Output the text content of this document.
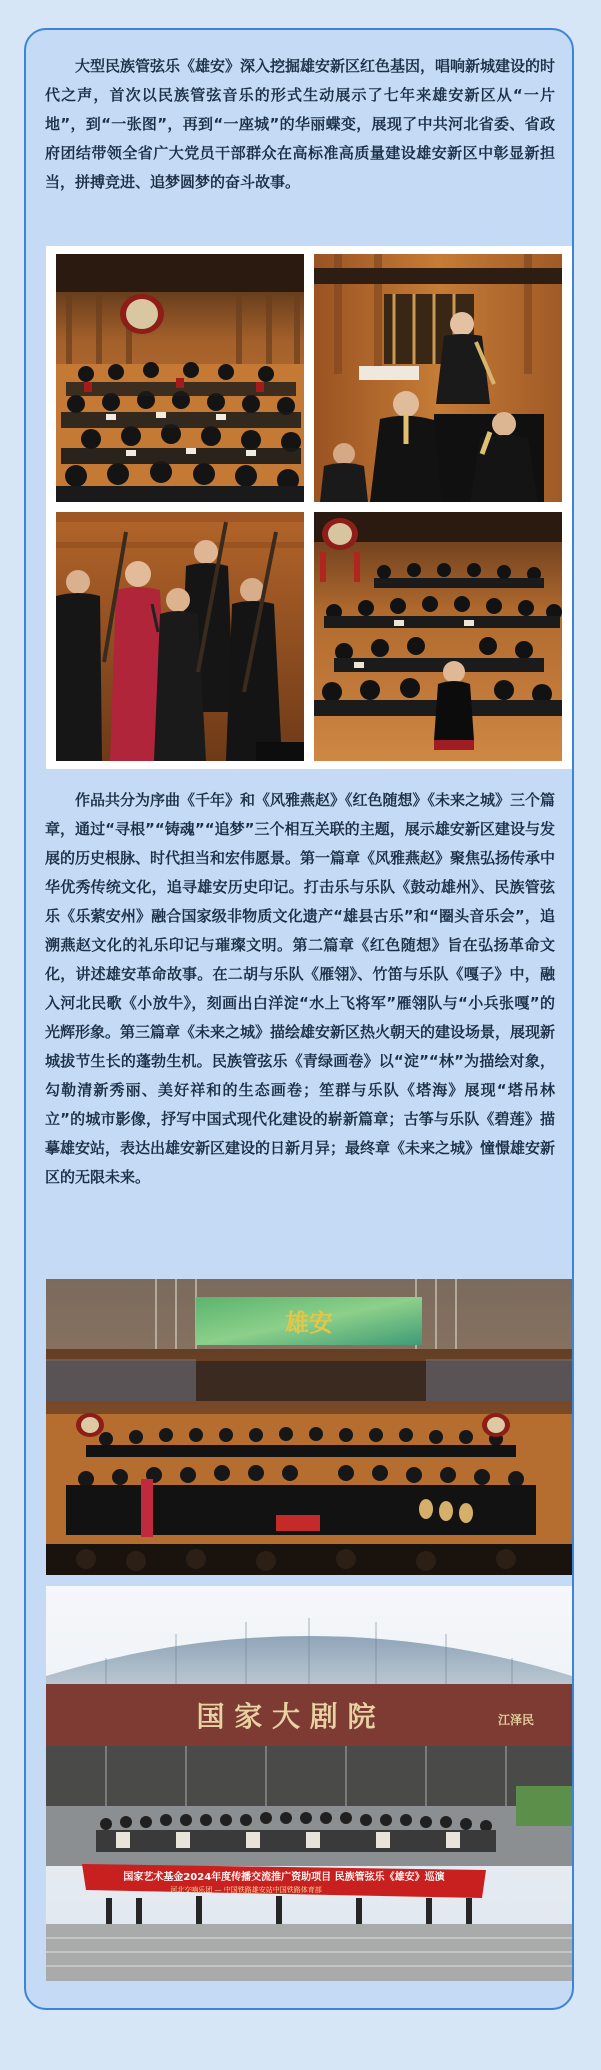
大型民族管弦乐《雄安》深入挖掘雄安新区红色基因，唱响新城建设的时代之声，首次以民族管弦音乐的形式生动展示了七年来雄安新区从“一片地”，到“一张图”，再到“一座城”的华丽蝶变，展现了中共河北省委、省政府团结带领全省广大党员干部群众在高标准高质量建设雄安新区中彰显新担当，拼搏竞进、追梦圆梦的奋斗故事。

作品共分为序曲《千年》和《风雅燕赵》《红色随想》《未来之城》三个篇章，通过“寻根”“铸魂”“追梦”三个相互关联的主题，展示雄安新区建设与发展的历史根脉、时代担当和宏伟愿景。第一篇章《风雅燕赵》聚焦弘扬传承中华优秀传统文化，追寻雄安历史印记。打击乐与乐队《鼓动雄州》、民族管弦乐《乐萦安州》融合国家级非物质文化遗产“雄县古乐”和“圈头音乐会”，追溯燕赵文化的礼乐印记与璀璨文明。第二篇章《红色随想》旨在弘扬革命文化，讲述雄安革命故事。在二胡与乐队《雁翎》、竹笛与乐队《嘎子》中，融入河北民歌《小放牛》，刻画出白洋淀“水上飞将军”雁翎队与“小兵张嘎”的光辉形象。第三篇章《未来之城》描绘雄安新区热火朝天的建设场景，展现新城拔节生长的蓬勃生机。民族管弦乐《青绿画卷》以“淀”“林”为描绘对象，勾勒清新秀丽、美好祥和的生态画卷；笙群与乐队《塔海》展现“塔吊林立”的城市影像，抒写中国式现代化建设的崭新篇章；古筝与乐队《碧莲》描摹雄安站，表达出雄安新区建设的日新月异；最终章《未来之城》憧憬雄安新区的无限未来。

雄安
国 家 大 剧 院	江泽民
国家艺术基金2024年度传播交流推广资助项目 民族管弦乐《雄安》巡演
河北交响乐团 — 中国铁路雄安站中国铁路体育部
